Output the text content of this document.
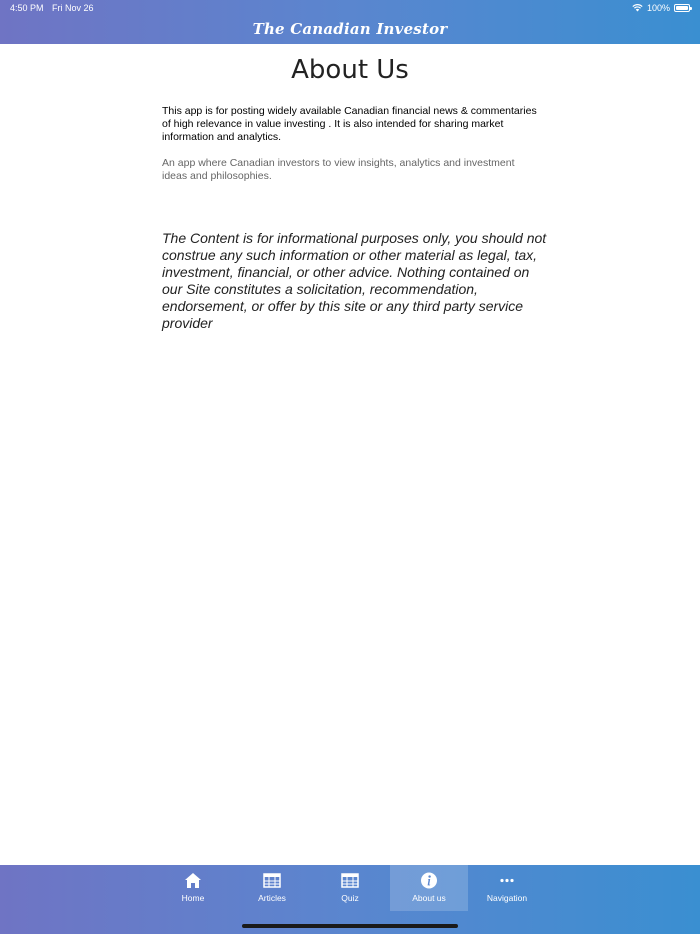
4:50 PM Fri Nov 26	100%
The Canadian Investor
About Us

This app is for posting widely available Canadian financial news & commentaries of high relevance in value investing . It is also intended for sharing market information and analytics.

An app where Canadian investors to view insights, analytics and investment ideas and philosophies.

The Content is for informational purposes only, you should not construe any such information or other material as legal, tax, investment, financial, or other advice. Nothing contained on our Site constitutes a solicitation, recommendation, endorsement, or offer by this site or any third party service provider

Home	Articles	Quiz	About us	Navigation
